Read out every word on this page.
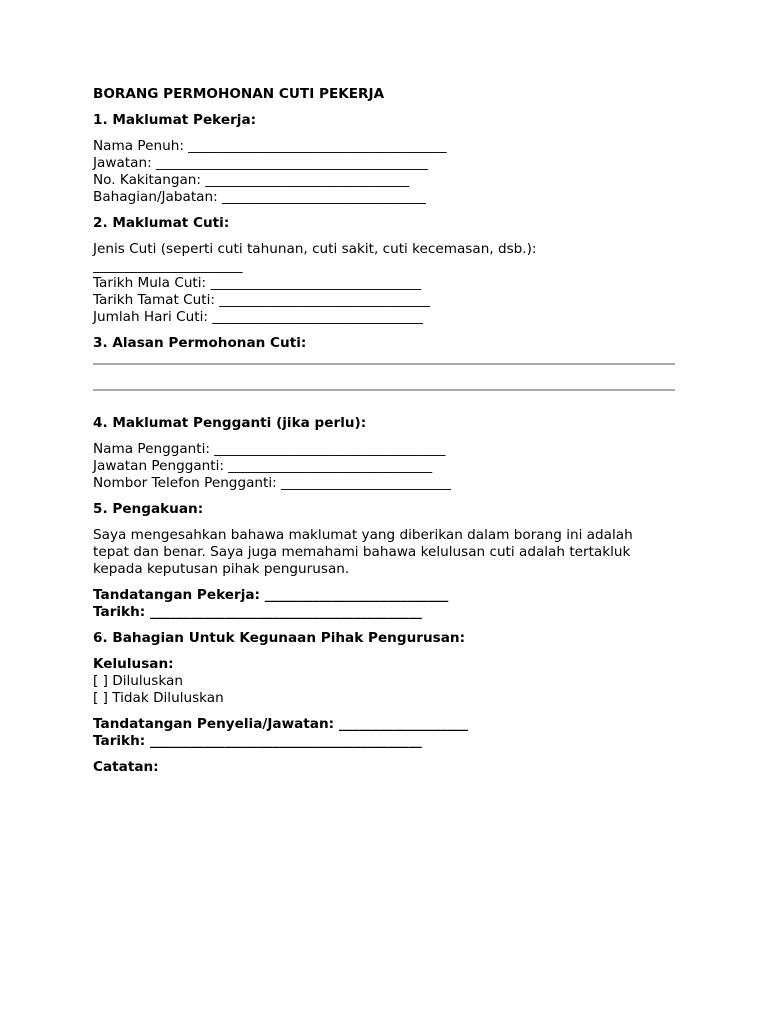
BORANG PERMOHONAN CUTI PEKERJA
1. Maklumat Pekerja:
Nama Penuh: ______________________________________
Jawatan: ________________________________________
No. Kakitangan: ______________________________
Bahagian/Jabatan: ______________________________
2. Maklumat Cuti:
Jenis Cuti (seperti cuti tahunan, cuti sakit, cuti kecemasan, dsb.):
______________________
Tarikh Mula Cuti: _______________________________
Tarikh Tamat Cuti: _______________________________
Jumlah Hari Cuti: _______________________________
3. Alasan Permohonan Cuti:
4. Maklumat Pengganti (jika perlu):
Nama Pengganti: __________________________________
Jawatan Pengganti: ______________________________
Nombor Telefon Pengganti: _________________________
5. Pengakuan:
Saya mengesahkan bahawa maklumat yang diberikan dalam borang ini adalah
tepat dan benar. Saya juga memahami bahawa kelulusan cuti adalah tertakluk
kepada keputusan pihak pengurusan.
Tandatangan Pekerja: ___________________________
Tarikh: ________________________________________
6. Bahagian Untuk Kegunaan Pihak Pengurusan:
Kelulusan:
[ ] Diluluskan
[ ] Tidak Diluluskan
Tandatangan Penyelia/Jawatan: ___________________
Tarikh: ________________________________________
Catatan:
